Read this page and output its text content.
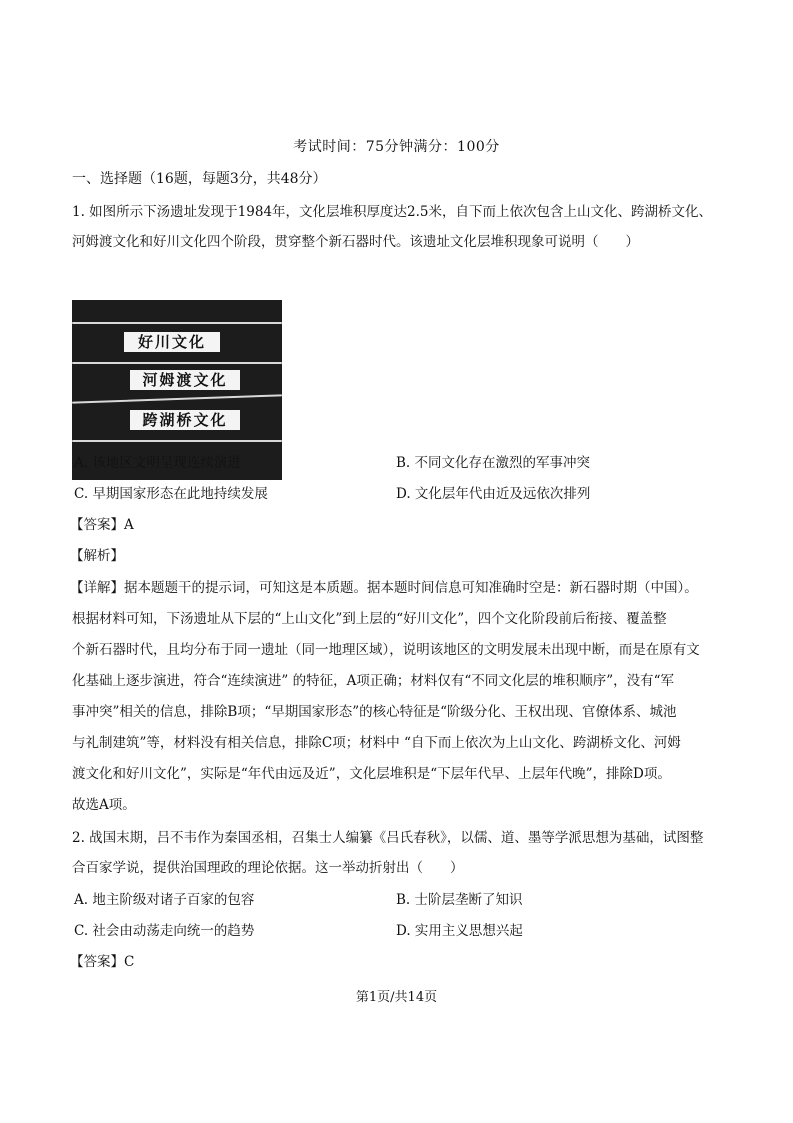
考试时间：75分钟满分：100分
一、选择题（16题，每题3分，共48分）
1. 如图所示下汤遗址发现于1984年，文化层堆积厚度达2.5米，自下而上依次包含上山文化、跨湖桥文化、
河姆渡文化和好川文化四个阶段，贯穿整个新石器时代。该遗址文化层堆积现象可说明（　　）
好川文化
河姆渡文化
跨湖桥文化
A. 该地区文明呈现连续演进	B. 不同文化存在激烈的军事冲突
C. 早期国家形态在此地持续发展	D. 文化层年代由近及远依次排列
【答案】A
【解析】
【详解】据本题题干的提示词，可知这是本质题。据本题时间信息可知准确时空是：新石器时期（中国）。
根据材料可知，下汤遗址从下层的“上山文化”到上层的“好川文化”，四个文化阶段前后衔接、覆盖整
个新石器时代，且均分布于同一遗址（同一地理区域），说明该地区的文明发展未出现中断，而是在原有文
化基础上逐步演进，符合“连续演进” 的特征，A项正确；材料仅有“不同文化层的堆积顺序”，没有“军
事冲突”相关的信息，排除B项；“早期国家形态”的核心特征是“阶级分化、王权出现、官僚体系、城池
与礼制建筑”等，材料没有相关信息，排除C项；材料中 “自下而上依次为上山文化、跨湖桥文化、河姆
渡文化和好川文化”，实际是“年代由远及近”，文化层堆积是“下层年代早、上层年代晚”，排除D项。
故选A项。
2. 战国末期，吕不韦作为秦国丞相，召集士人编纂《吕氏春秋》，以儒、道、墨等学派思想为基础，试图整
合百家学说，提供治国理政的理论依据。这一举动折射出（　　）
A. 地主阶级对诸子百家的包容	B. 士阶层垄断了知识
C. 社会由动荡走向统一的趋势	D. 实用主义思想兴起
【答案】C
第1页/共14页
